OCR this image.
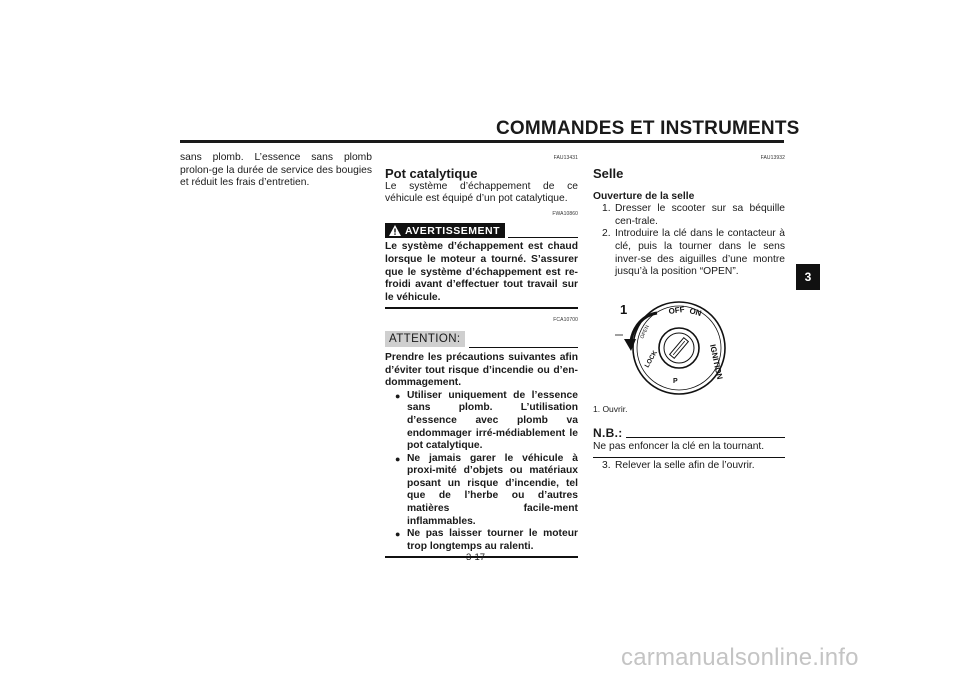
COMMANDES ET INSTRUMENTS
3

sans plomb. L’essence sans plomb prolon-ge la durée de service des bougies et réduit les frais d’entretien.

FAU13431
Pot catalytique

Le système d’échappement de ce véhicule est équipé d’un pot catalytique.

FWA10860
AVERTISSEMENT

Le système d’échappement est chaud lorsque le moteur a tourné. S’assurer que le système d’échappement est re-froidi avant d’effectuer tout travail sur le véhicule.

FCA10700
ATTENTION:

Prendre les précautions suivantes afin d’éviter tout risque d’incendie ou d’en-dommagement.

● Utiliser uniquement de l’essence sans plomb. L’utilisation d’essence avec plomb va endommager irré-médiablement le pot catalytique.
● Ne jamais garer le véhicule à proxi-mité d’objets ou matériaux posant un risque d’incendie, tel que de l’herbe ou d’autres matières facile-ment inflammables.
● Ne pas laisser tourner le moteur trop longtemps au ralenti.
FAU13932
Selle
Ouverture de la selle
1. Dresser le scooter sur sa béquille cen-trale.
2. Introduire la clé dans le contacteur à clé, puis la tourner dans le sens inver-se des aiguilles d’une montre jusqu’à la position “OPEN”.
1	OFF ON
IGNITION
LOCK
P
OPEN
1. Ouvrir.
N.B.:

Ne pas enfoncer la clé en la tournant.

3. Relever la selle afin de l’ouvrir.
3-17
carmanualsonline.info
